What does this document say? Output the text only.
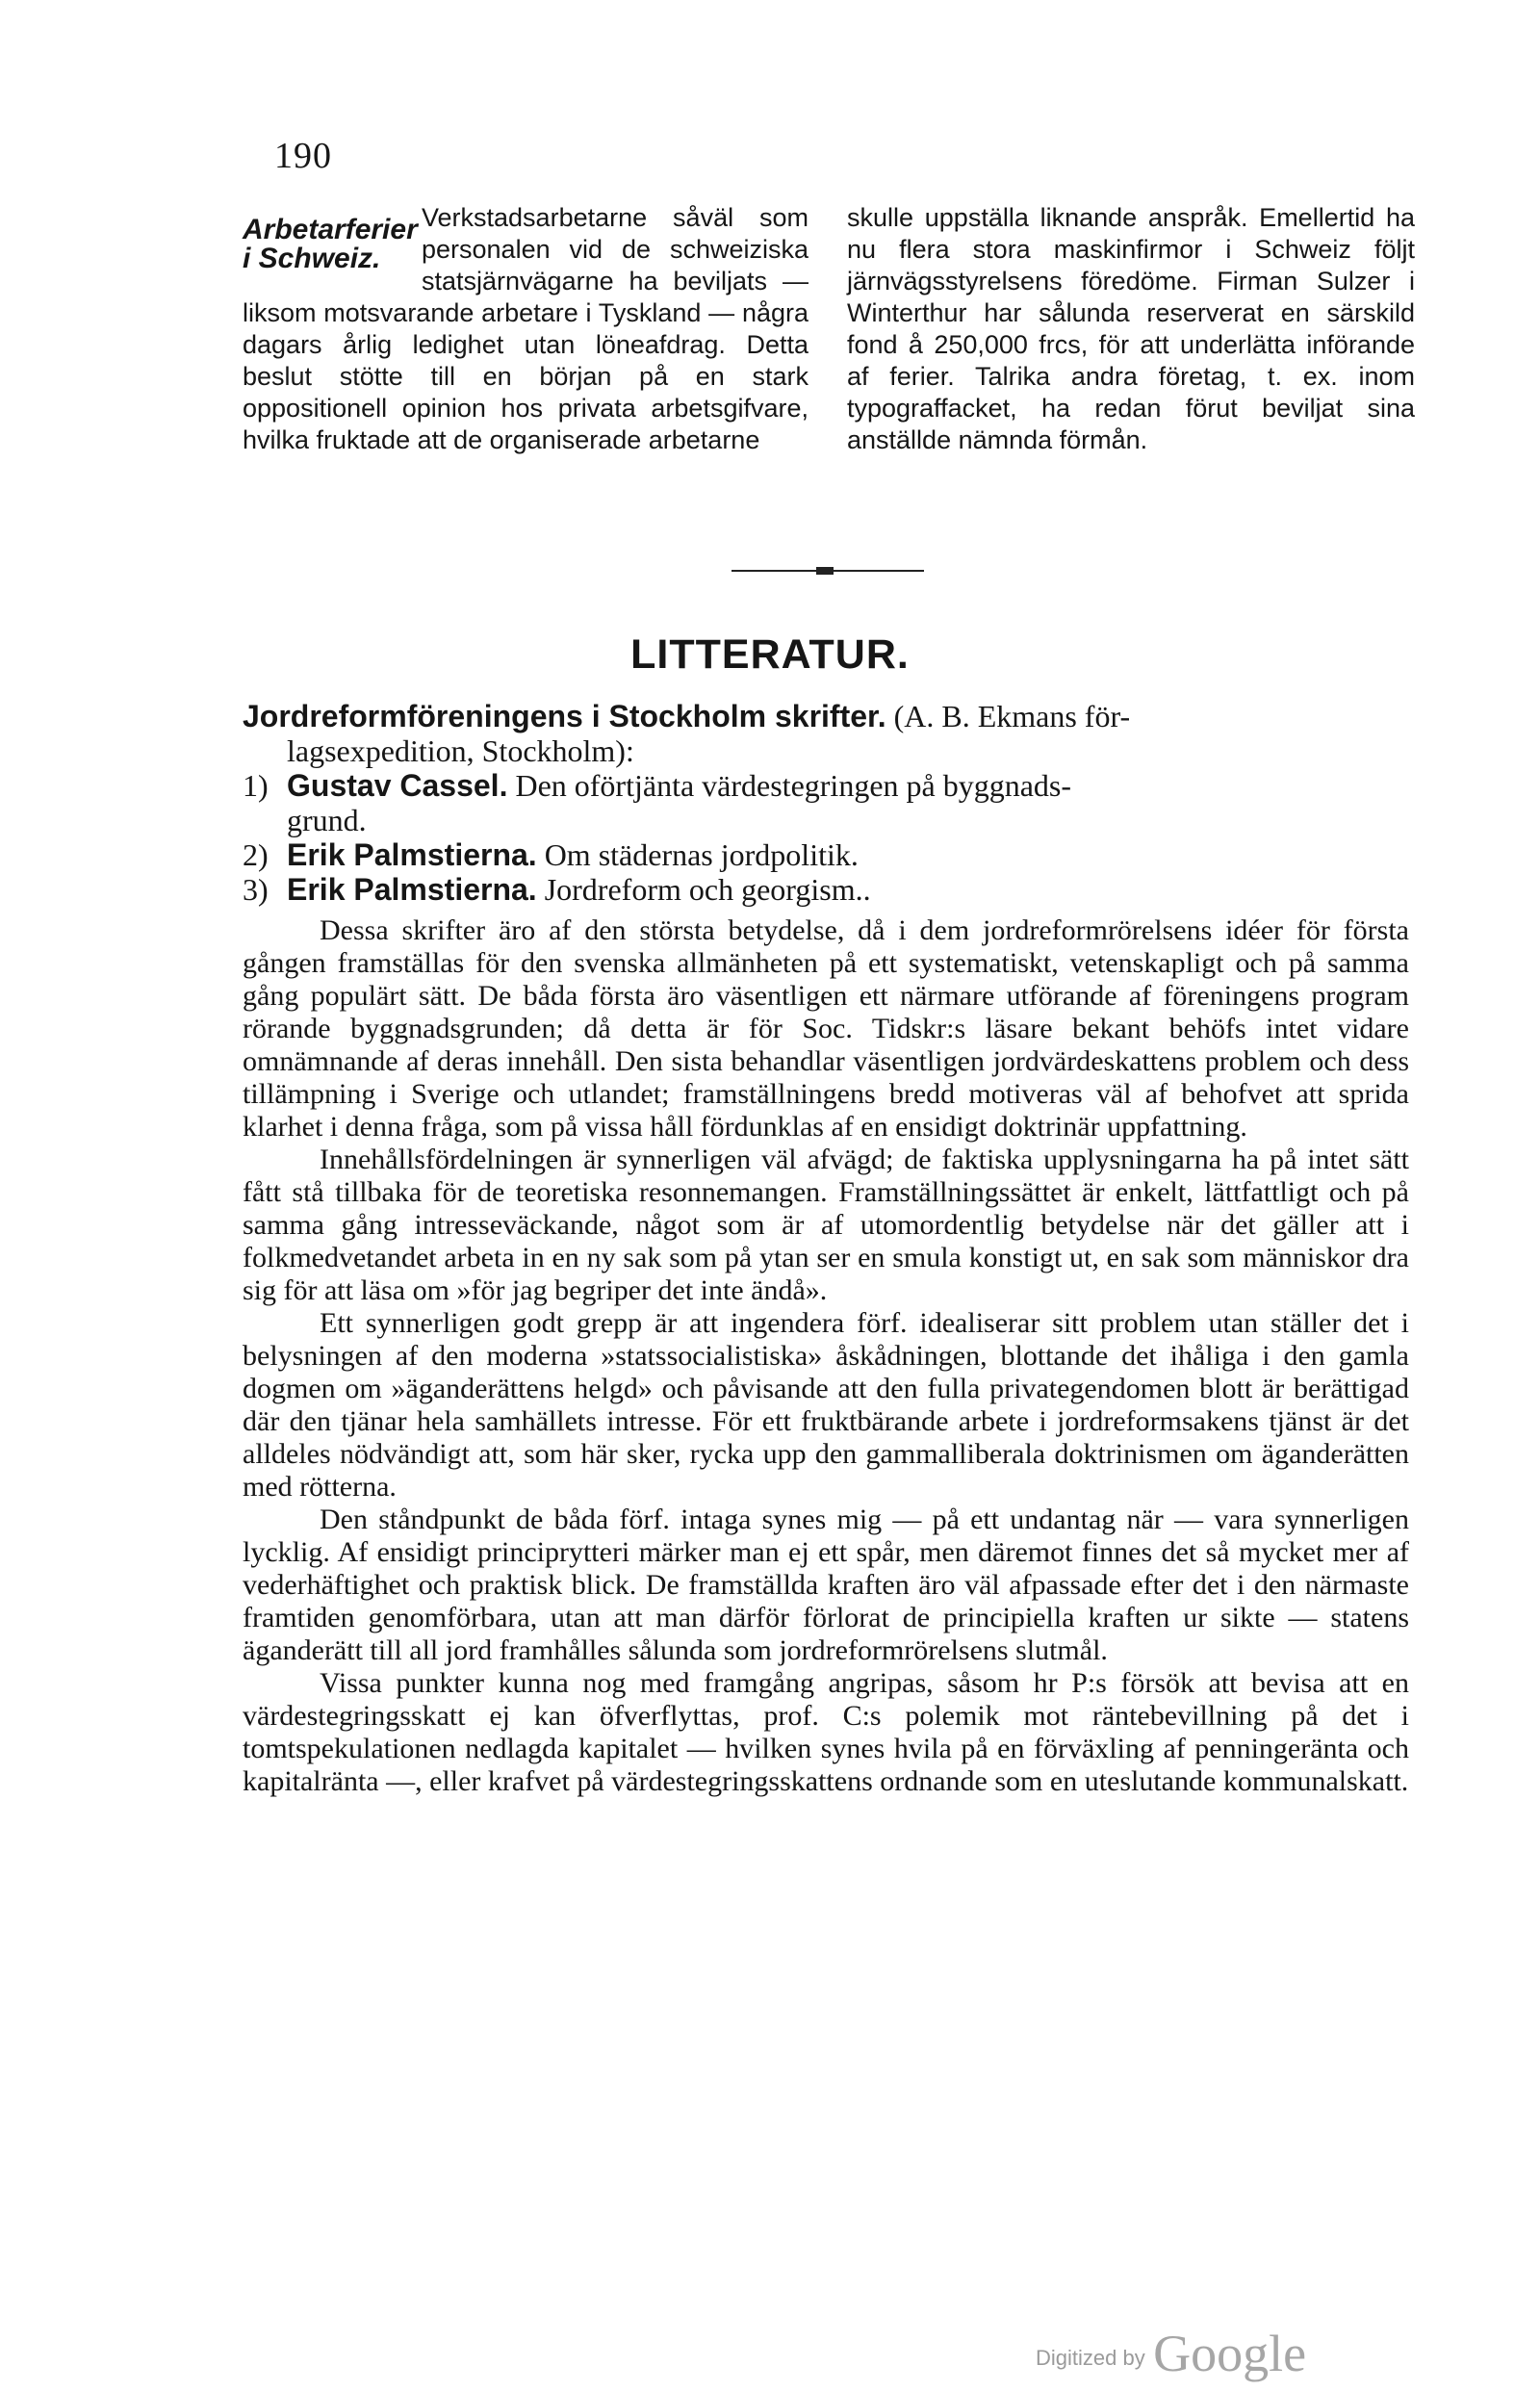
190
Arbetarferier i Schweiz.

Verkstadsarbetarne såväl som personalen vid de schweiziska statsjärnvägarne ha beviljats — liksom motsvarande arbetare i Tyskland — några dagars årlig ledighet utan löneafdrag. Detta beslut stötte till en början på en stark oppositionell opinion hos privata arbetsgifvare, hvilka fruktade att de organiserade arbetarne

skulle uppställa liknande anspråk. Emellertid ha nu flera stora maskinfirmor i Schweiz följt järnvägsstyrelsens föredöme. Firman Sulzer i Winterthur har sålunda reserverat en särskild fond å 250,000 frcs, för att underlätta införande af ferier. Talrika andra företag, t. ex. inom typograffacket, ha redan förut beviljat sina anställde nämnda förmån.

LITTERATUR.

Jordreformföreningens i Stockholm skrifter. (A. B. Ekmans för-

lagsexpedition, Stockholm):

1) Gustav Cassel. Den oförtjänta värdestegringen på byggnads-
grund.

2) Erik Palmstierna. Om städernas jordpolitik.

3) Erik Palmstierna. Jordreform och georgism..

Dessa skrifter äro af den största betydelse, då i dem jordreformrörelsens idéer för första gången framställas för den svenska allmänheten på ett systematiskt, vetenskapligt och på samma gång populärt sätt. De båda första äro väsentligen ett närmare utförande af föreningens program rörande byggnadsgrunden; då detta är för Soc. Tidskr:s läsare bekant behöfs intet vidare omnämnande af deras innehåll. Den sista behandlar väsentligen jordvärdeskattens problem och dess tillämpning i Sverige och utlandet; framställningens bredd motiveras väl af behofvet att sprida klarhet i denna fråga, som på vissa håll fördunklas af en ensidigt doktrinär uppfattning.

Innehållsfördelningen är synnerligen väl afvägd; de faktiska upplysningarna ha på intet sätt fått stå tillbaka för de teoretiska resonnemangen. Framställningssättet är enkelt, lättfattligt och på samma gång intresseväckande, något som är af utomordentlig betydelse när det gäller att i folkmedvetandet arbeta in en ny sak som på ytan ser en smula konstigt ut, en sak som människor dra sig för att läsa om »för jag begriper det inte ändå».

Ett synnerligen godt grepp är att ingendera förf. idealiserar sitt problem utan ställer det i belysningen af den moderna »statssocialistiska» åskådningen, blottande det ihåliga i den gamla dogmen om »äganderättens helgd» och påvisande att den fulla privategendomen blott är berättigad där den tjänar hela samhällets intresse. För ett fruktbärande arbete i jordreformsakens tjänst är det alldeles nödvändigt att, som här sker, rycka upp den gammalliberala doktrinismen om äganderätten med rötterna.

Den ståndpunkt de båda förf. intaga synes mig — på ett undantag när — vara synnerligen lycklig. Af ensidigt principrytteri märker man ej ett spår, men däremot finnes det så mycket mer af vederhäftighet och praktisk blick. De framställda kraften äro väl afpassade efter det i den närmaste framtiden genomförbara, utan att man därför förlorat de principiella kraften ur sikte — statens äganderätt till all jord framhålles sålunda som jordreformrörelsens slutmål.

Vissa punkter kunna nog med framgång angripas, såsom hr P:s försök att bevisa att en värdestegringsskatt ej kan öfverflyttas, prof. C:s polemik mot räntebevillning på det i tomtspekulationen nedlagda kapitalet — hvilken synes hvila på en förväxling af penningeränta och kapitalränta —, eller krafvet på värdestegringsskattens ordnande som en uteslutande kommunalskatt.

Digitized by Google
